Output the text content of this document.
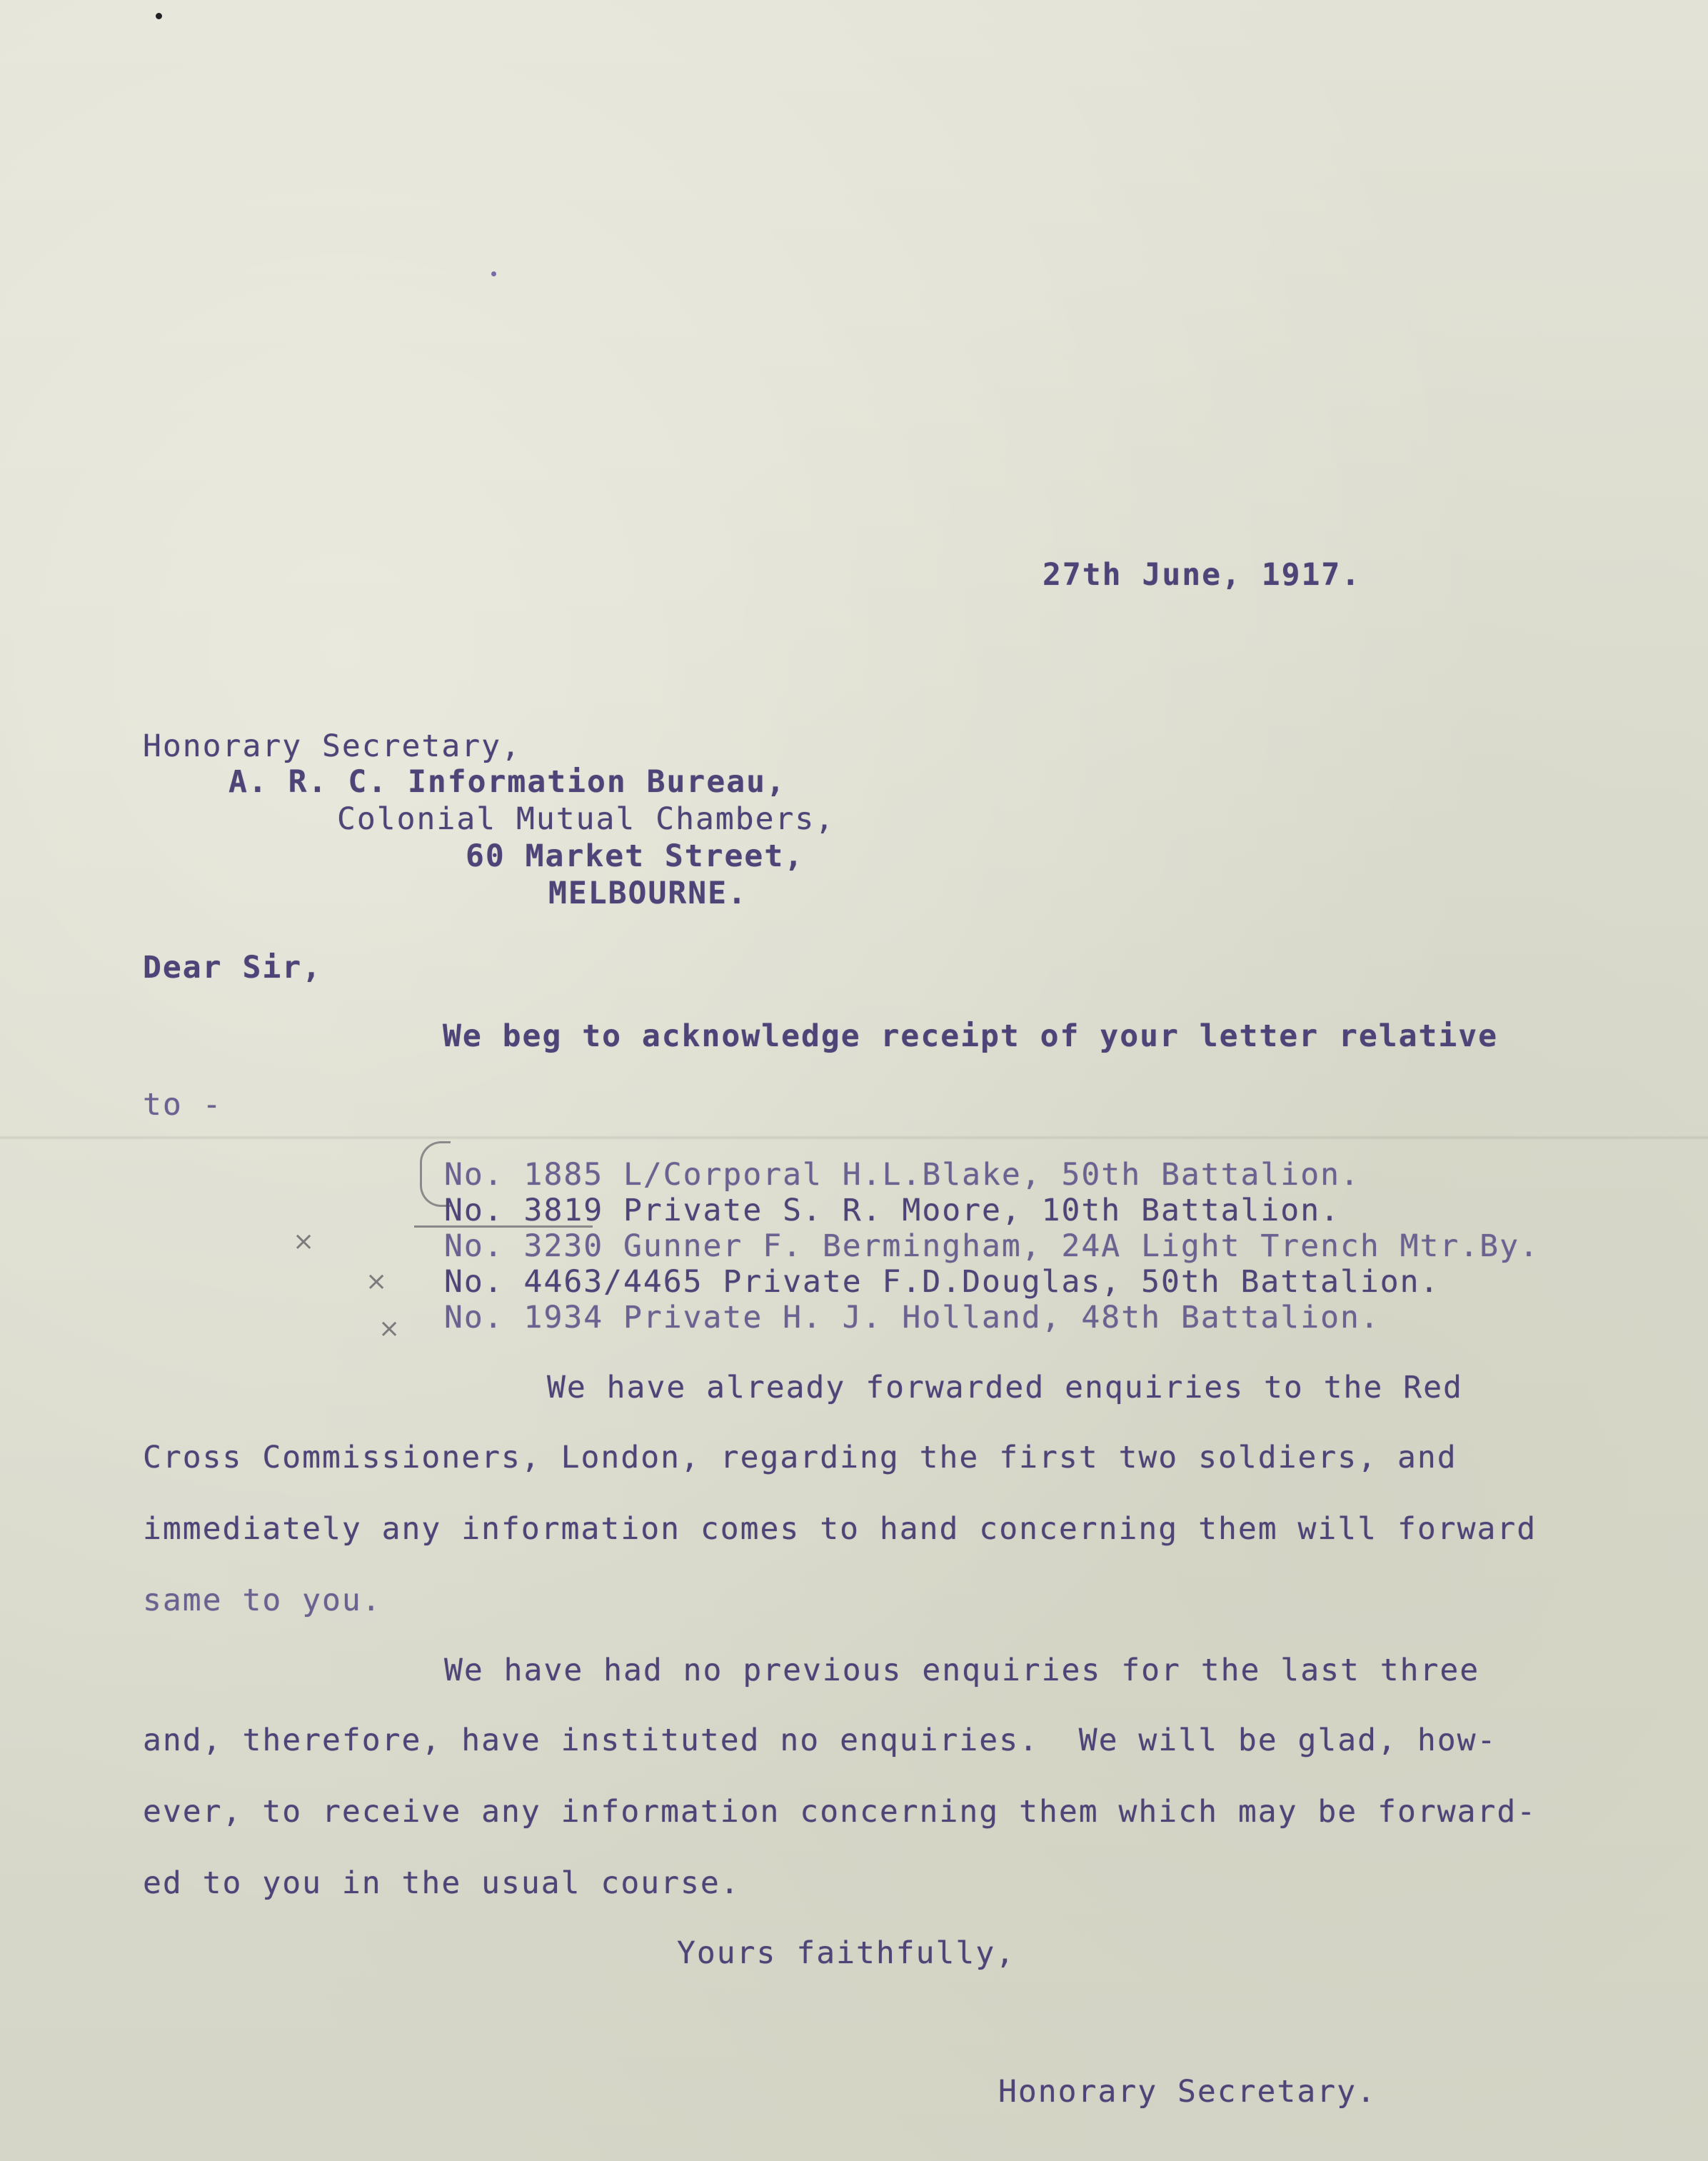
27th June, 1917.
Honorary Secretary,
A. R. C. Information Bureau,
Colonial Mutual Chambers,
60 Market Street,
MELBOURNE.
Dear Sir,
We beg to acknowledge receipt of your letter relative
to -
×
×
×
No. 1885 L/Corporal H.L.Blake, 50th Battalion.
No. 3819 Private S. R. Moore, 10th Battalion.
No. 3230 Gunner F. Bermingham, 24A Light Trench Mtr.By.
No. 4463/4465 Private F.D.Douglas, 50th Battalion.
No. 1934 Private H. J. Holland, 48th Battalion.
We have already forwarded enquiries to the Red
Cross Commissioners, London, regarding the first two soldiers, and
immediately any information comes to hand concerning them will forward
same to you.
We have had no previous enquiries for the last three
and, therefore, have instituted no enquiries.  We will be glad, how-
ever, to receive any information concerning them which may be forward-
ed to you in the usual course.
Yours faithfully,
Honorary Secretary.
